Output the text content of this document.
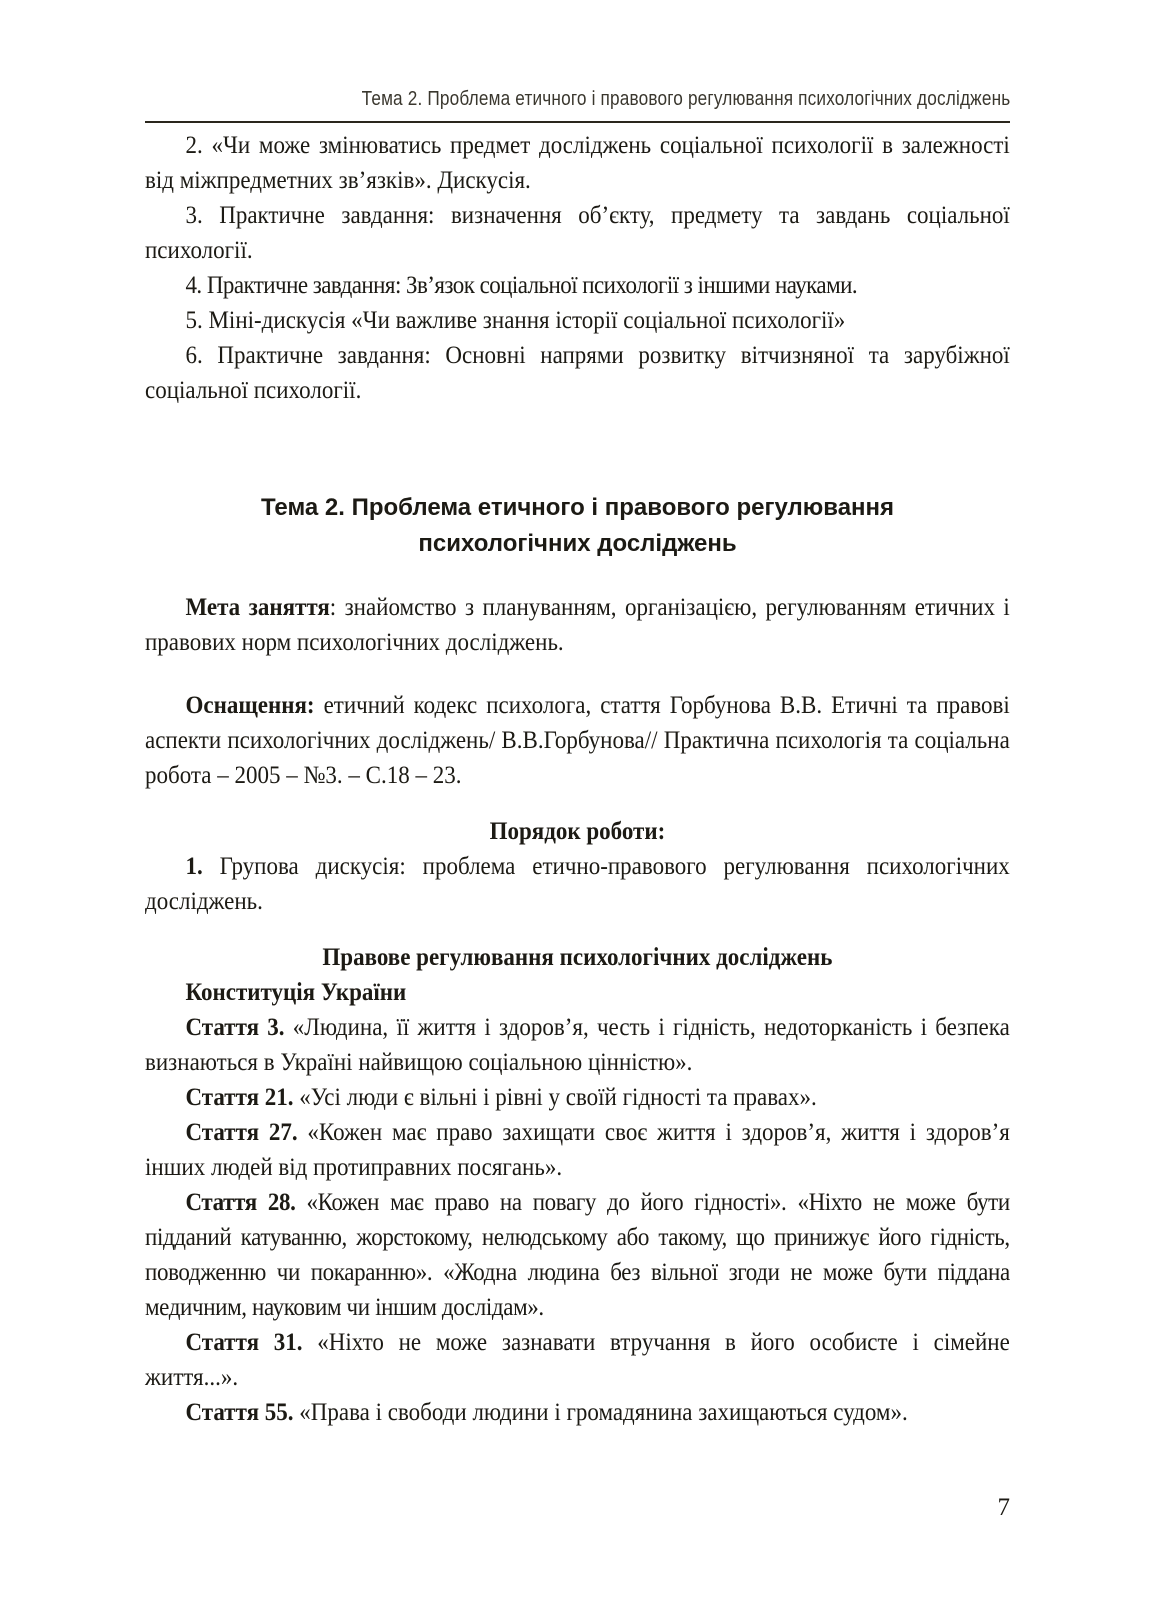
Тема 2. Проблема етичного і правового регулювання психологічних досліджень

2. «Чи може змінюватись предмет досліджень соціальної психології в залежності від міжпредметних зв’язків». Дискусія.

3. Практичне завдання: визначення об’єкту, предмету та завдань соціальної психології.

4. Практичне завдання: Зв’язок соціальної психології з іншими науками.

5. Міні-дискусія «Чи важливе знання історії соціальної психології»

6. Практичне завдання: Основні напрями розвитку вітчизняної та зарубіжної соціальної психології.

Тема 2. Проблема етичного і правового регулювання
психологічних досліджень

Мета заняття: знайомство з плануванням, організацією, регулюванням етичних і правових норм психологічних досліджень.

Оснащення: етичний кодекс психолога, стаття Горбунова В.В. Етичні та правові аспекти психологічних досліджень/ В.В.Горбунова// Практична психологія та соціальна робота – 2005 – №3. – С.18 – 23.

Порядок роботи:

1. Групова дискусія: проблема етично-правового регулювання психологічних досліджень.

Правове регулювання психологічних досліджень

Конституція України

Стаття 3. «Людина, її життя і здоров’я, честь і гідність, недоторканість і безпека визнаються в Україні найвищою соціальною цінністю».

Стаття 21. «Усі люди є вільні і рівні у своїй гідності та правах».

Стаття 27. «Кожен має право захищати своє життя і здоров’я, життя і здоров’я інших людей від протиправних посягань».

Стаття 28. «Кожен має право на повагу до його гідності». «Ніхто не може бути підданий катуванню, жорстокому, нелюдському або такому, що принижує його гідність, поводженню чи покаранню». «Жодна людина без вільної згоди не може бути піддана медичним, науковим чи іншим дослідам».

Стаття 31. «Ніхто не може зазнавати втручання в його особисте і сімейне життя...».

Стаття 55. «Права і свободи людини і громадянина захищаються судом».

7
